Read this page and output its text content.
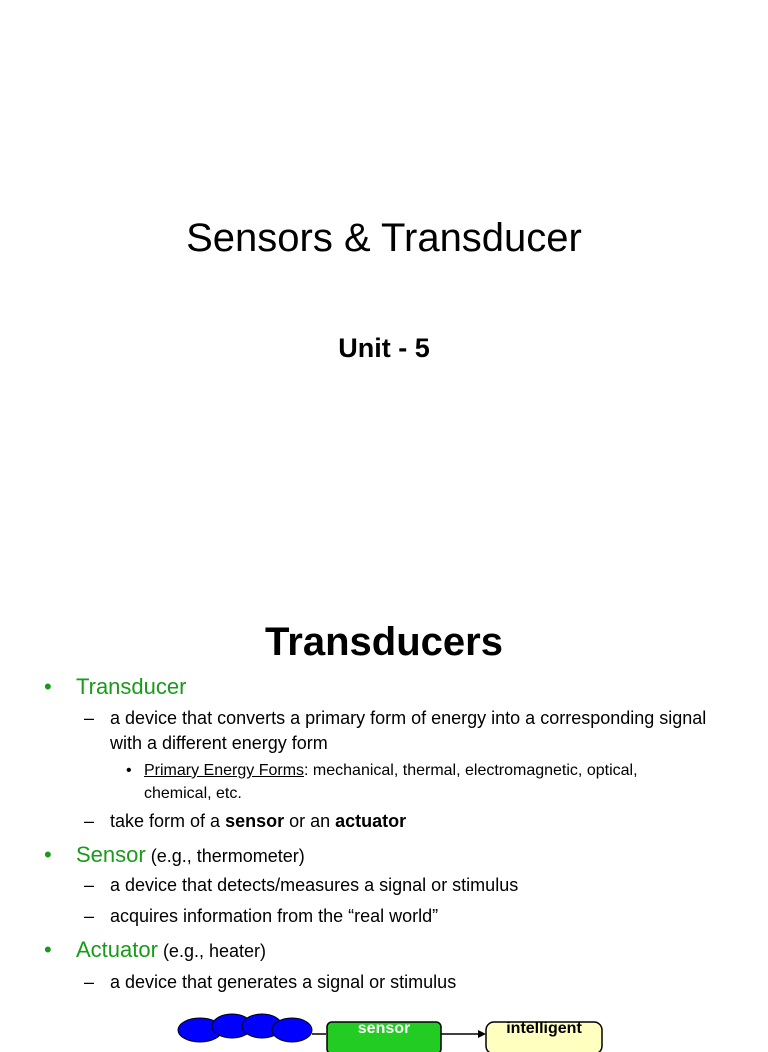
Sensors & Transducer
Unit - 5
Transducers
• Transducer
– a device that converts a primary form of energy into a corresponding signal with a different energy form
• Primary Energy Forms: mechanical, thermal, electromagnetic, optical, chemical, etc.
– take form of a sensor or an actuator
• Sensor (e.g., thermometer)
– a device that detects/measures a signal or stimulus
– acquires information from the “real world”
• Actuator (e.g., heater)
– a device that generates a signal or stimulus
sensor	intelligent
